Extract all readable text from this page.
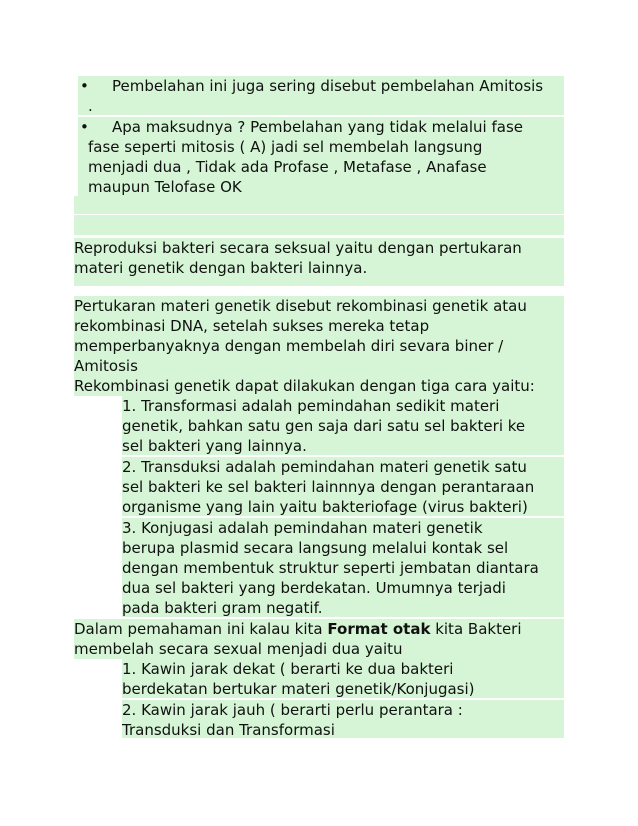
• Pembelahan ini juga sering disebut pembelahan Amitosis
.
• Apa maksudnya ? Pembelahan yang tidak melalui fase
fase seperti mitosis ( A) jadi sel membelah langsung
menjadi dua , Tidak ada Profase , Metafase , Anafase
maupun Telofase OK
Reproduksi bakteri secara seksual yaitu dengan pertukaran
materi genetik dengan bakteri lainnya.
Pertukaran materi genetik disebut rekombinasi genetik atau
rekombinasi DNA, setelah sukses mereka tetap
memperbanyaknya dengan membelah diri sevara biner /
Amitosis
Rekombinasi genetik dapat dilakukan dengan tiga cara yaitu:
1. Transformasi adalah pemindahan sedikit materi
genetik, bahkan satu gen saja dari satu sel bakteri ke
sel bakteri yang lainnya.
2. Transduksi adalah pemindahan materi genetik satu
sel bakteri ke sel bakteri lainnnya dengan perantaraan
organisme yang lain yaitu bakteriofage (virus bakteri)
3. Konjugasi adalah pemindahan materi genetik
berupa plasmid secara langsung melalui kontak sel
dengan membentuk struktur seperti jembatan diantara
dua sel bakteri yang berdekatan. Umumnya terjadi
pada bakteri gram negatif.
Dalam pemahaman ini kalau kita Format otak kita Bakteri
membelah secara sexual menjadi dua yaitu
1. Kawin jarak dekat ( berarti ke dua bakteri
berdekatan bertukar materi genetik/Konjugasi)
2. Kawin jarak jauh ( berarti perlu perantara :
Transduksi dan Transformasi
